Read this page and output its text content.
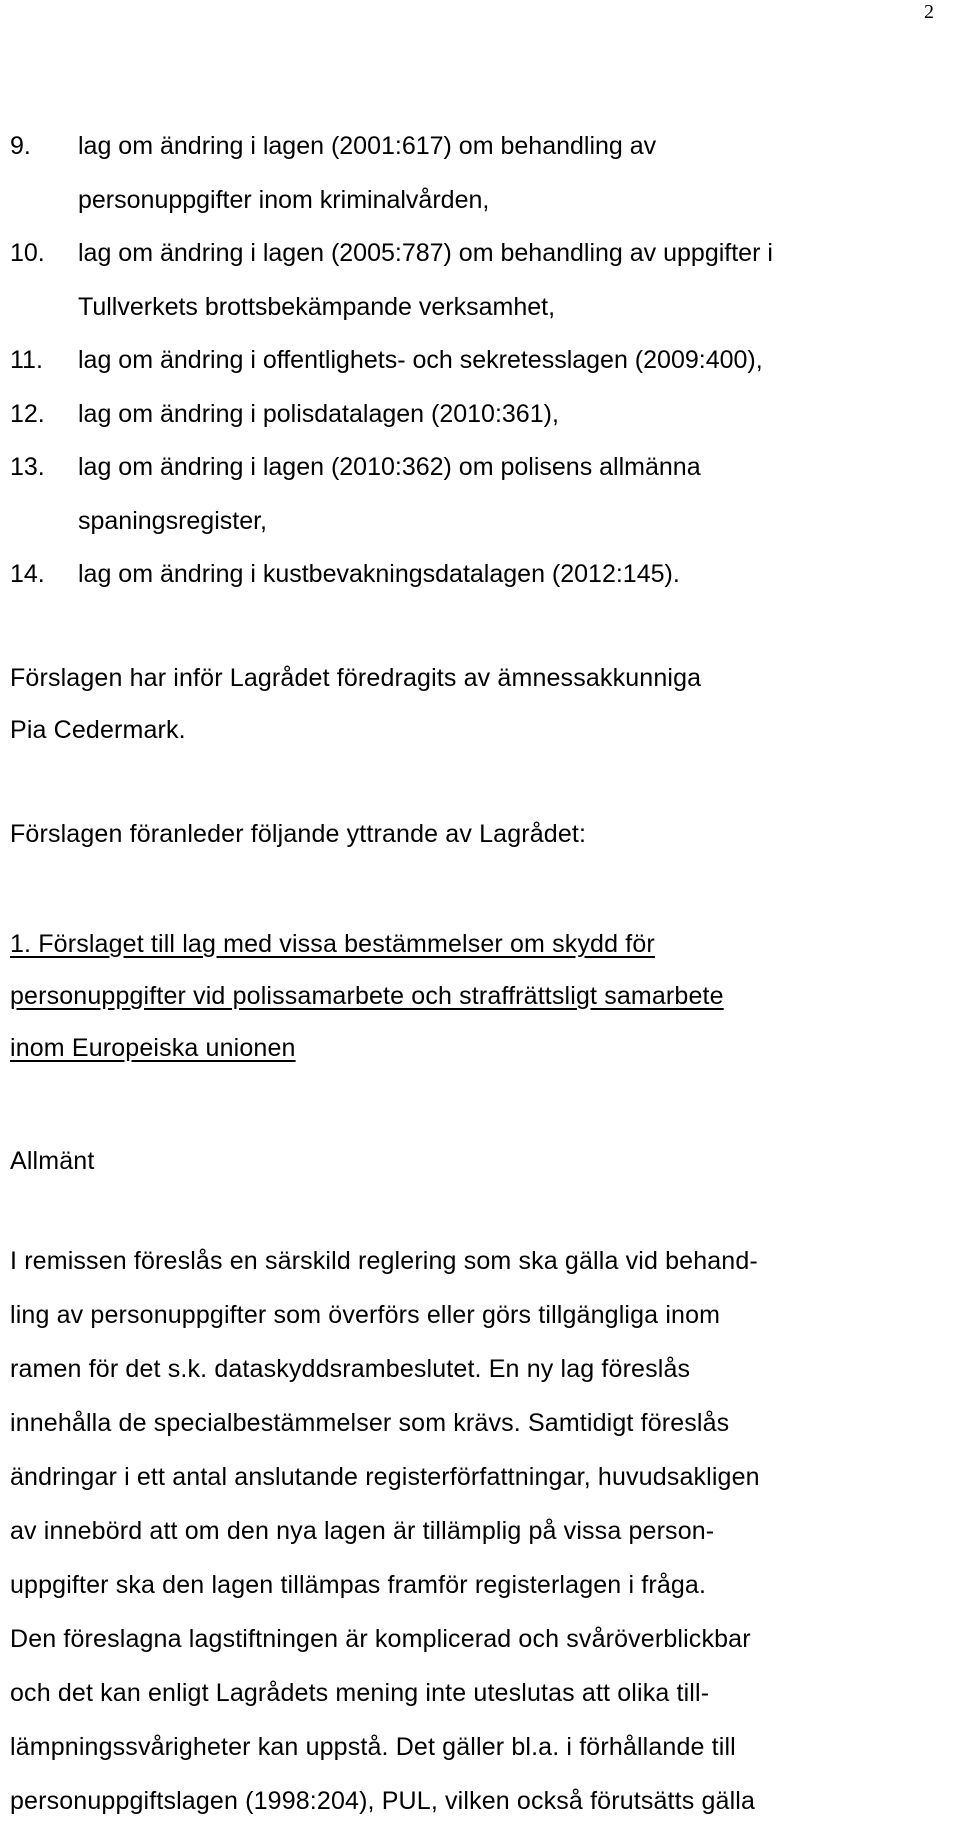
2
9.	lag om ändring i lagen (2001:617) om behandling av
personuppgifter inom kriminalvården,
10.	lag om ändring i lagen (2005:787) om behandling av uppgifter i
Tullverkets brottsbekämpande verksamhet,
11.	lag om ändring i offentlighets- och sekretesslagen (2009:400),
12.	lag om ändring i polisdatalagen (2010:361),
13.	lag om ändring i lagen (2010:362) om polisens allmänna
spaningsregister,
14.	lag om ändring i kustbevakningsdatalagen (2012:145).
Förslagen har inför Lagrådet föredragits av ämnessakkunniga
Pia Cedermark.
Förslagen föranleder följande yttrande av Lagrådet:
1. Förslaget till lag med vissa bestämmelser om skydd för
personuppgifter vid polissamarbete och straffrättsligt samarbete
inom Europeiska unionen
Allmänt
I remissen föreslås en särskild reglering som ska gälla vid behand-
ling av personuppgifter som överförs eller görs tillgängliga inom
ramen för det s.k. dataskyddsrambeslutet. En ny lag föreslås
innehålla de specialbestämmelser som krävs. Samtidigt föreslås
ändringar i ett antal anslutande registerförfattningar, huvudsakligen
av innebörd att om den nya lagen är tillämplig på vissa person-
uppgifter ska den lagen tillämpas framför registerlagen i fråga.
Den föreslagna lagstiftningen är komplicerad och svåröverblickbar
och det kan enligt Lagrådets mening inte uteslutas att olika till-
lämpningssvårigheter kan uppstå. Det gäller bl.a. i förhållande till
personuppgiftslagen (1998:204), PUL, vilken också förutsätts gälla
